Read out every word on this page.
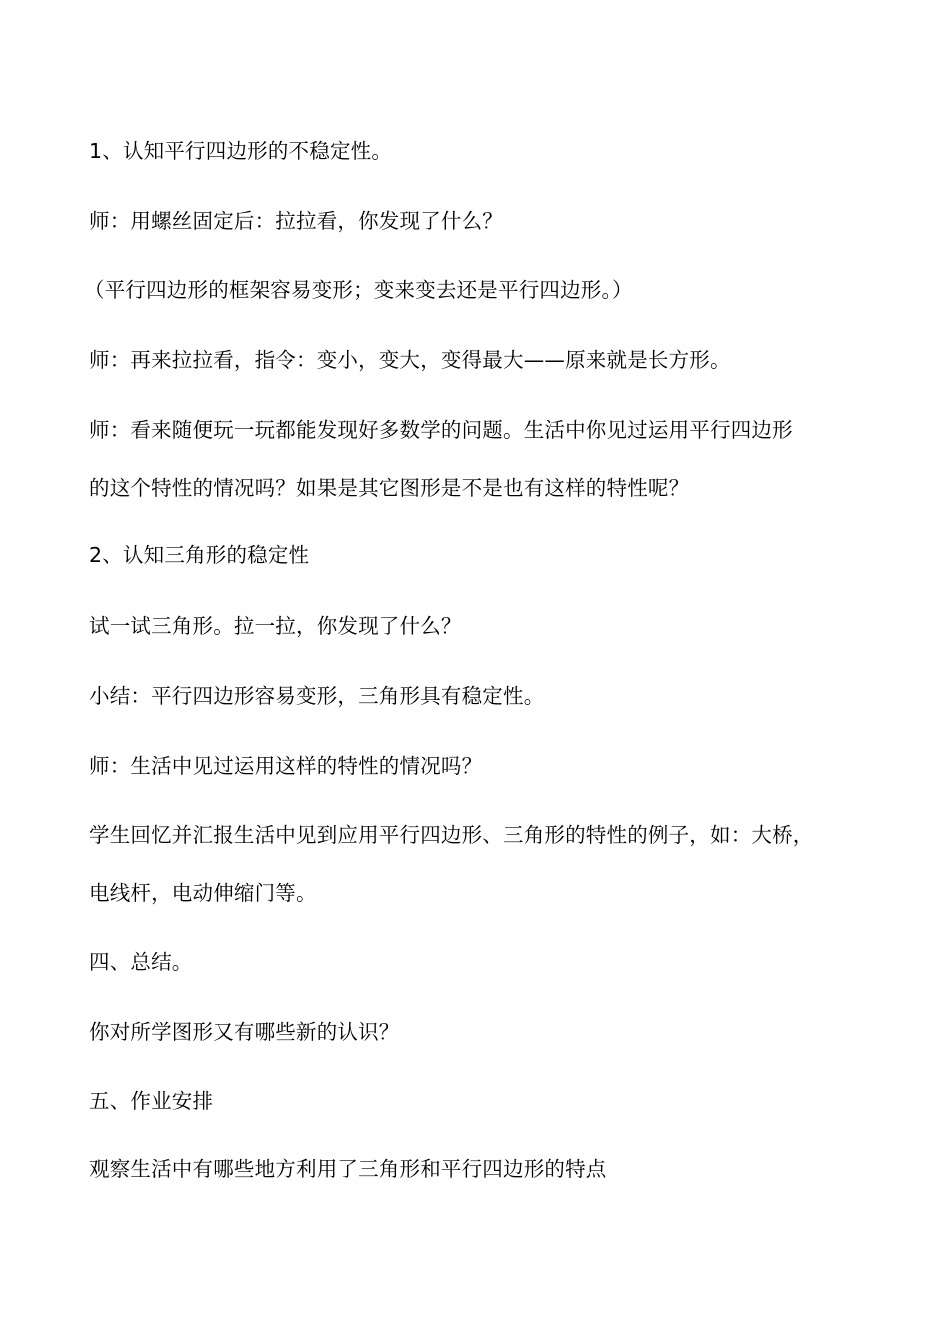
1、认知平行四边形的不稳定性。
师：用螺丝固定后：拉拉看，你发现了什么？
（平行四边形的框架容易变形；变来变去还是平行四边形。）
师：再来拉拉看，指令：变小，变大，变得最大——原来就是长方形。
师：看来随便玩一玩都能发现好多数学的问题。生活中你见过运用平行四边形
的这个特性的情况吗？如果是其它图形是不是也有这样的特性呢？
2、认知三角形的稳定性
试一试三角形。拉一拉，你发现了什么？
小结：平行四边形容易变形，三角形具有稳定性。
师：生活中见过运用这样的特性的情况吗？
学生回忆并汇报生活中见到应用平行四边形、三角形的特性的例子，如：大桥，
电线杆，电动伸缩门等。
四、总结。
你对所学图形又有哪些新的认识？
五、作业安排
观察生活中有哪些地方利用了三角形和平行四边形的特点
